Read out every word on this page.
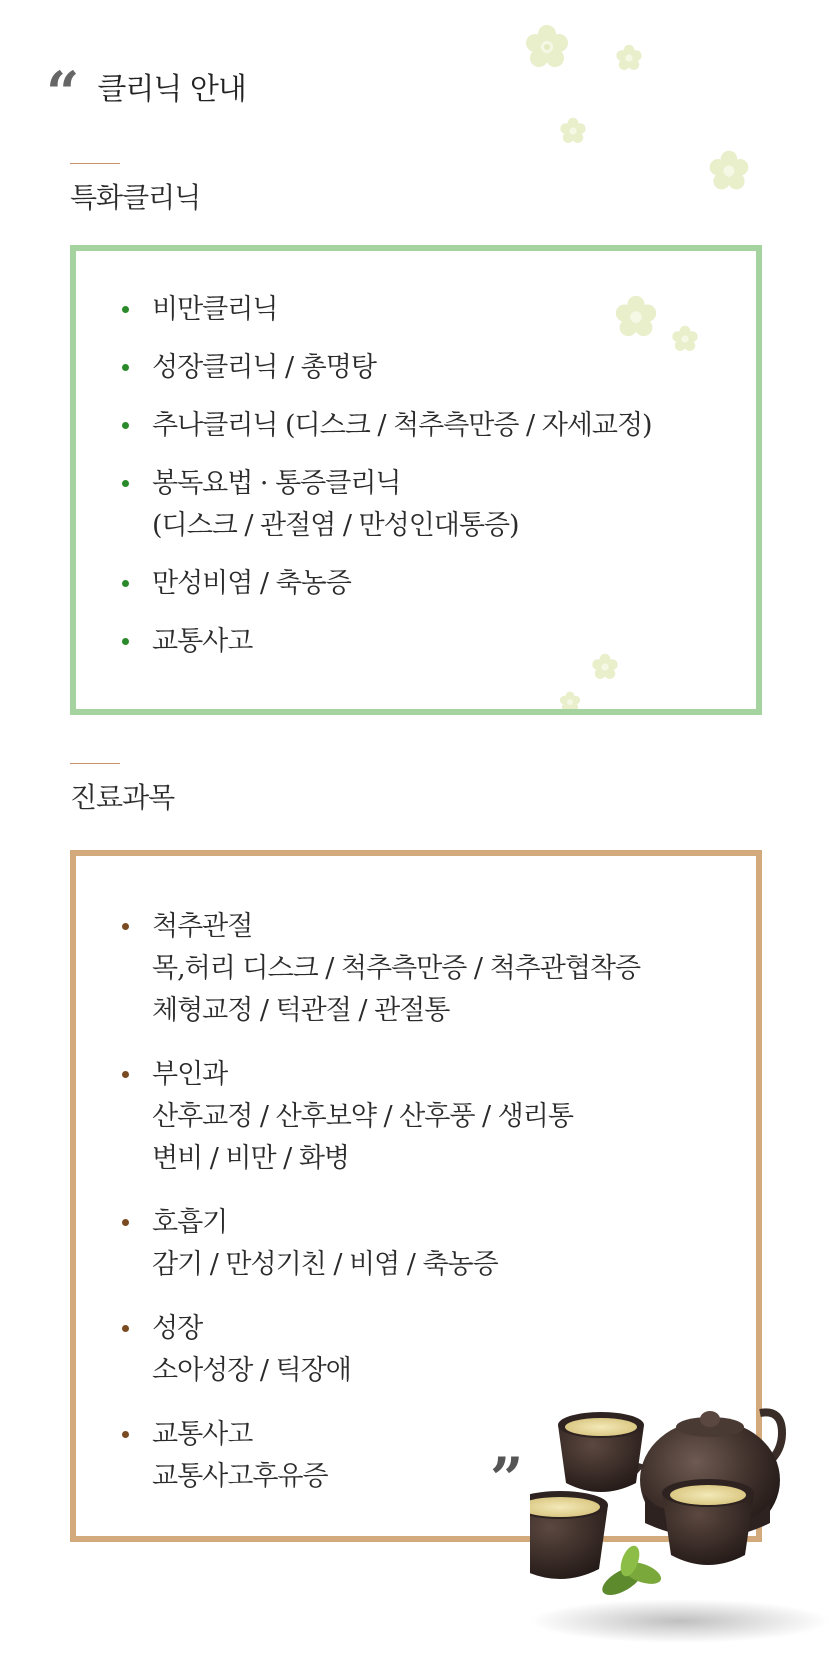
“ 클리닉 안내
특화클리닉
비만클리닉
성장클리닉 / 총명탕
추나클리닉 (디스크 / 척추측만증 / 자세교정)
봉독요법 · 통증클리닉
(디스크 / 관절염 / 만성인대통증)
만성비염 / 축농증
교통사고
진료과목
척추관절
목,허리 디스크 / 척추측만증 / 척추관협착증
체형교정 / 턱관절 / 관절통
부인과
산후교정 / 산후보약 / 산후풍 / 생리통
변비 / 비만 / 화병
호흡기
감기 / 만성기친 / 비염 / 축농증
성장
소아성장 / 틱장애
교통사고
교통사고후유증	”
